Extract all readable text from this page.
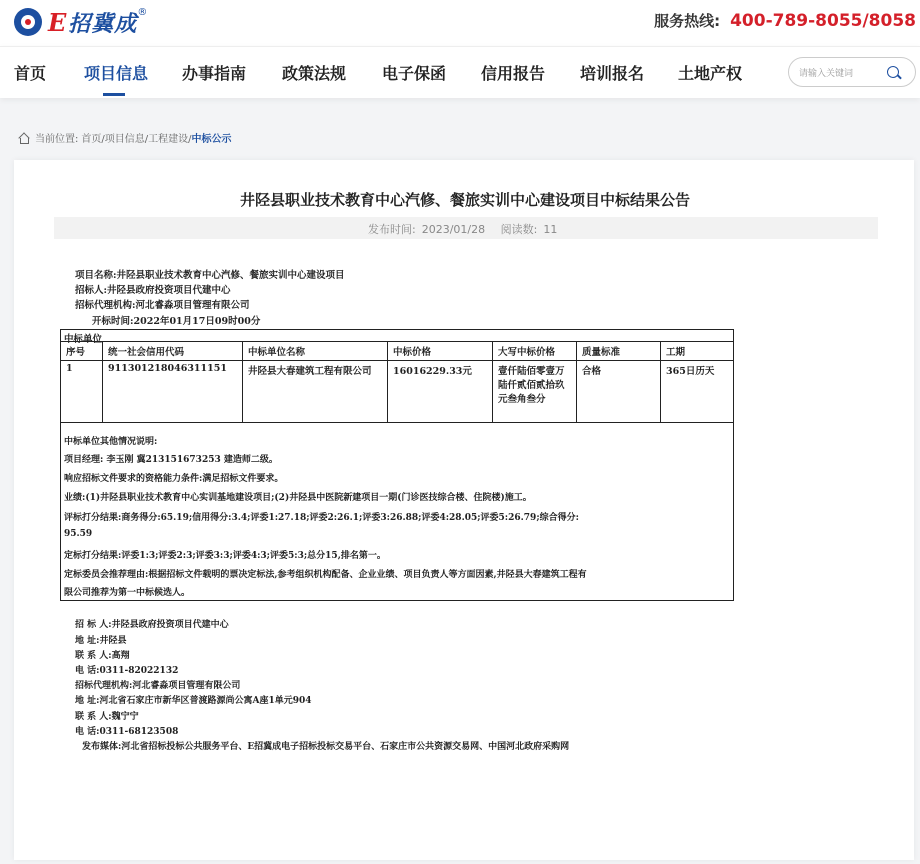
E 招冀成 ®	服务热线: 400-789-8055/8058
首页 项目信息 办事指南 政策法规 电子保函 信用报告 培训报名 土地产权	请输入关键词
当前位置: 首页/项目信息/工程建设/ 中标公示
井陉县职业技术教育中心汽修、餐旅实训中心建设项目中标结果公告
发布时间: 2023/01/28 阅读数: 11
项目名称:井陉县职业技术教育中心汽修、餐旅实训中心建设项目
招标人:井陉县政府投资项目代建中心
招标代理机构:河北睿淼项目管理有限公司
开标时间:2022年01月17日09时00分
中标单位
序号	统一社会信用代码	中标单位名称	中标价格	大写中标价格	质量标准	工期
1	911301218046311151	井陉县大春建筑工程有限公司	16016229.33元	壹仟陆佰零壹万陆仟贰佰贰拾玖元叁角叁分	合格	365日历天
中标单位其他情况说明:
项目经理: 李玉刚 冀213151673253 建造师二级。
响应招标文件要求的资格能力条件:满足招标文件要求。
业绩:(1)井陉县职业技术教育中心实训基地建设项目;(2)井陉县中医院新建项目一期(门诊医技综合楼、住院楼)施工。
评标打分结果:商务得分:65.19;信用得分:3.4;评委1:27.18;评委2:26.1;评委3:26.88;评委4:28.05;评委5:26.79;综合得分:
95.59
定标打分结果:评委1:3;评委2:3;评委3:3;评委4:3;评委5:3;总分15,排名第一。
定标委员会推荐理由:根据招标文件载明的票决定标法,参考组织机构配备、企业业绩、项目负责人等方面因素,井陉县大春建筑工程有
限公司推荐为第一中标候选人。
招 标 人:井陉县政府投资项目代建中心
地 址:井陉县
联 系 人:高翔
电 话:0311-82022132
招标代理机构:河北睿淼项目管理有限公司
地 址:河北省石家庄市新华区普渡路源尚公寓A座1单元904
联 系 人:魏宁宁
电 话:0311-68123508
发布媒体:河北省招标投标公共服务平台、E招冀成电子招标投标交易平台、石家庄市公共资源交易网、中国河北政府采购网
